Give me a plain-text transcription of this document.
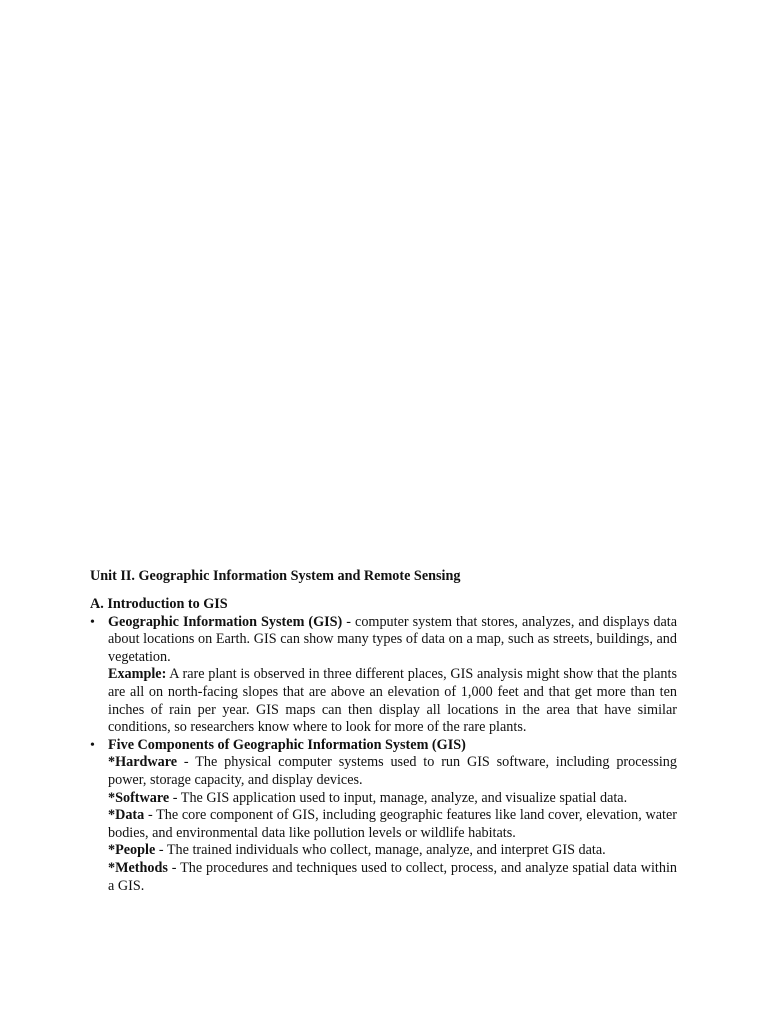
Unit II. Geographic Information System and Remote Sensing

A. Introduction to GIS

• Geographic Information System (GIS) - computer system that stores, analyzes, and displays data about locations on Earth. GIS can show many types of data on a map, such as streets, buildings, and vegetation.

Example: A rare plant is observed in three different places, GIS analysis might show that the plants are all on north-facing slopes that are above an elevation of 1,000 feet and that get more than ten inches of rain per year. GIS maps can then display all locations in the area that have similar conditions, so researchers know where to look for more of the rare plants.

• Five Components of Geographic Information System (GIS)

*Hardware - The physical computer systems used to run GIS software, including processing power, storage capacity, and display devices.

*Software - The GIS application used to input, manage, analyze, and visualize spatial data.

*Data - The core component of GIS, including geographic features like land cover, elevation, water bodies, and environmental data like pollution levels or wildlife habitats.

*People - The trained individuals who collect, manage, analyze, and interpret GIS data.

*Methods - The procedures and techniques used to collect, process, and analyze spatial data within a GIS.
